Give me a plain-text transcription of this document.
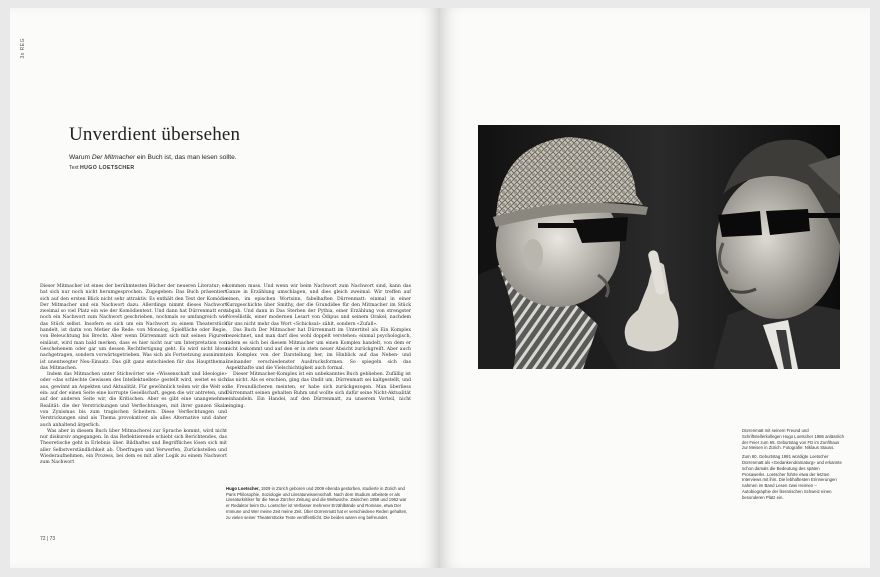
3x REG
Unverdient übersehen
Warum Der Mitmacher ein Buch ist, das man lesen sollte.
Text HUGO LOETSCHER

Dieser Mitmacher ist eines der berühmtesten Bücher der neueren Literatur; es hat sich nur noch nicht herumgesprochen. Zugegeben: Das Buch präsentiert sich auf den ersten Blick nicht sehr attraktiv. Es enthält den Text der Komödie Der Mitmacher und ein Nachwort dazu. Allerdings nimmt dieses Nachwort zweimal so viel Platz ein wie der Komödientext. Und dann hat Dürrenmatt erst noch ein Nachwort zum Nachwort geschrieben, nochmals so umfangreich wie das Stück selbst. Insofern es sich um ein Nachwort zu einem Theaterstück handelt, ist darin von Metier die Rede: von Monolog, Spielfläche oder Regie, von Beleuchtung bis Brecht. Aber wenn Dürrenmatt sich mit seinen Figuren einlässt, wird man bald merken, dass es hier nicht nur um Interpretation von Geschehenem oder gar um dessen Rechtfertigung geht. Es wird nicht bloss nachgetragen, sondern vorwärtsgetrieben. Was sich als Fortsetzung ausnimmt, ist unentwegter Neu-Einsatz. Das gilt ganz entschieden für das Hauptthema: das Mitmachen.

Indem das Mitmachen unter Stichwörter wie «Wissenschaft und Ideologie» oder «das schlechte Gewissen des Intellektuellen» gestellt wird, weitet es sich aus, gewinnt an Aspekten und Aktualität. Für gewöhnlich teilen wir die Welt so ein: auf der einen Seite eine korrupte Gesellschaft, gegen die wir antreten, und auf der anderen Seite wir, die Kritischen. Aber es gibt eine unangenehme Realität: die der Verstrickungen und Verflechtungen, mit ihrer ganzen Skala von Zynismus bis zum tragischen Scheitern. Diese Verflechtungen und Verstrickungen sind als Thema provokativer als alles Alternative und daher auch anhaltend ärgerlich.

Was aber in diesem Buch über Mitmacherei zur Sprache kommt, wird nicht nur diskursiv angegangen. In das Reflektierende schiebt sich Berichtendes, das Theoretische geht in Erlebnis über. Bildhaftes und Begriffliches lösen sich mit aller Selbstverständlichkeit ab. Überfragen und Verwerfen, Zurückstellen und Wiederaufnehmen, ein Prozess, bei dem es mit aller Logik zu einem Nachwort zum Nachwort

kommen muss. Und wenn wir beim Nachwort zum Nachwort sind, kann das Ganze in Erzählung umschlagen, und dies gleich zweimal. Wir treffen auf einen, im epischen Wortsinn, fabelhaften Dürrenmatt: einmal in einer Kurzgeschichte über Smithy, der die Grundidee für den Mitmacher im Stück abgab. Und dann in Das Sterben der Pythia, einer Erzählung von strengster Novellistik, einer modernen Lesart von Ödipus und seinem Orakel, nachdem für uns nicht mehr das Wort «Schicksal» zählt, sondern «Zufall».

Das Buch Der Mitmacher hat Dürrenmatt im Untertitel als Ein Komplex bezeichnet, und man darf dies wohl doppelt verstehen: einmal psychologisch, indem es sich bei diesem Mitmacher um einen Komplex handelt, von dem er nicht loskommt und auf den er in stets neuer Absicht zurückgreift. Aber auch ein Komplex von der Darstellung her, im Hinblick auf das Neben- und Ineinander verschiedenster Ausdrucksformen. So spiegeln sich das Aspekthafte und die Vielschichtigkeit auch formal.

Dieser Mitmacher-Komplex ist ein unbekanntes Buch geblieben. Zufällig ist das nicht. Als es erschien, ging das Ondit um, Dürrenmatt sei kaltgestellt, und die Freundlicheren meinten, er habe sich zurückgezogen. Man überliess Dürrenmatt seinen gehalten Ruhm und wollte sich dafür seine Nicht-Aktualität einhandeln. Ein Handel, auf den Dürrenmatt, zu unserem Vorteil, nicht einging.

Hugo Loetscher, 1929 in Zürich geboren und 2009 ebenda gestorben, studierte in Zürich und Paris Philosophie, Soziologie und Literaturwissenschaft. Nach dem Studium arbeitete er als Literaturkritiker für die Neue Zürcher Zeitung und die Weltwoche. Zwischen 1958 und 1962 war er Redaktor beim Du. Loetscher ist Verfasser mehrerer Erzählbände und Romane, etwa Der Immune und Wer meine Zeit meine Zeit. Über Dürrenmatt hat er verschiedene Reden gehalten, zu vielen seiner Theaterstücke Texte veröffentlicht. Die beiden waren eng befreundet.
72 | 73

Dürrenmatt mit seinem Freund und Schriftstellerkollegen Hugo Loetscher 1986 anlässlich der Feier zum 65. Geburtstag von FD im Zunfthaus zur Meisen in Zürich. Fotografie: Niklaus Stauss.

Zum 60. Geburtstag 1981 würdigte Loetscher Dürrenmatt als «Gedankendramaturg» und erkannte schon damals die Bedeutung des späten Prosawerks. Loetscher führte etwa der letzten Interviews mit ihm. Die lebhaftesten Erinnerungen nahmen im Band Lesen zwei Heimen – Autobiographie der literarischen Schweiz einen besonderen Platz ein.
